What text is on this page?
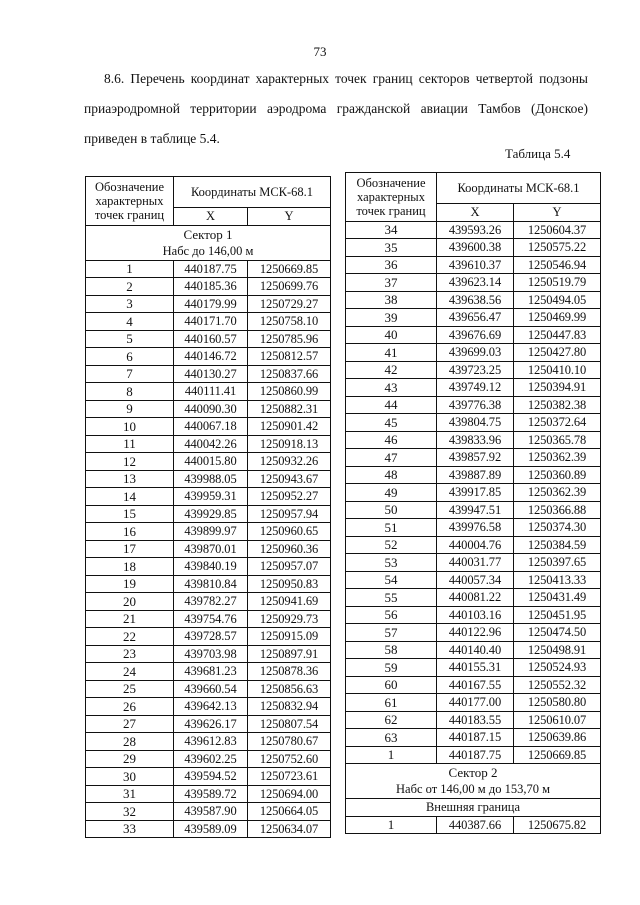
73
8.6. Перечень координат характерных точек границ секторов четвертой подзоны приаэродромной территории аэродрома гражданской авиации Тамбов (Донское) приведен в таблице 5.4.
Таблица 5.4
Обозначение характерных точек границ	Координаты МСК-68.1	
	X	Y

Сектор 1
Набс до 146,00 м		

1	440187.75	1250669.85
2	440185.36	1250699.76
3	440179.99	1250729.27
4	440171.70	1250758.10
5	440160.57	1250785.96
6	440146.72	1250812.57
7	440130.27	1250837.66
8	440111.41	1250860.99
9	440090.30	1250882.31
10	440067.18	1250901.42
11	440042.26	1250918.13
12	440015.80	1250932.26
13	439988.05	1250943.67
14	439959.31	1250952.27
15	439929.85	1250957.94
16	439899.97	1250960.65
17	439870.01	1250960.36
18	439840.19	1250957.07
19	439810.84	1250950.83
20	439782.27	1250941.69
21	439754.76	1250929.73
22	439728.57	1250915.09
23	439703.98	1250897.91
24	439681.23	1250878.36
25	439660.54	1250856.63
26	439642.13	1250832.94
27	439626.17	1250807.54
28	439612.83	1250780.67
29	439602.25	1250752.60
30	439594.52	1250723.61
31	439589.72	1250694.00
32	439587.90	1250664.05
33	439589.09	1250634.07
Обозначение характерных точек границ	Координаты МСК-68.1	
	X	Y
34	439593.26	1250604.37
35	439600.38	1250575.22
36	439610.37	1250546.94
37	439623.14	1250519.79
38	439638.56	1250494.05
39	439656.47	1250469.99
40	439676.69	1250447.83
41	439699.03	1250427.80
42	439723.25	1250410.10
43	439749.12	1250394.91
44	439776.38	1250382.38
45	439804.75	1250372.64
46	439833.96	1250365.78
47	439857.92	1250362.39
48	439887.89	1250360.89
49	439917.85	1250362.39
50	439947.51	1250366.88
51	439976.58	1250374.30
52	440004.76	1250384.59
53	440031.77	1250397.65
54	440057.34	1250413.33
55	440081.22	1250431.49
56	440103.16	1250451.95
57	440122.96	1250474.50
58	440140.40	1250498.91
59	440155.31	1250524.93
60	440167.55	1250552.32
61	440177.00	1250580.80
62	440183.55	1250610.07
63	440187.15	1250639.86
1	440187.75	1250669.85

Сектор 2
Набс от 146,00 м до 153,70 м		

Внешняя граница		
1	440387.66	1250675.82
